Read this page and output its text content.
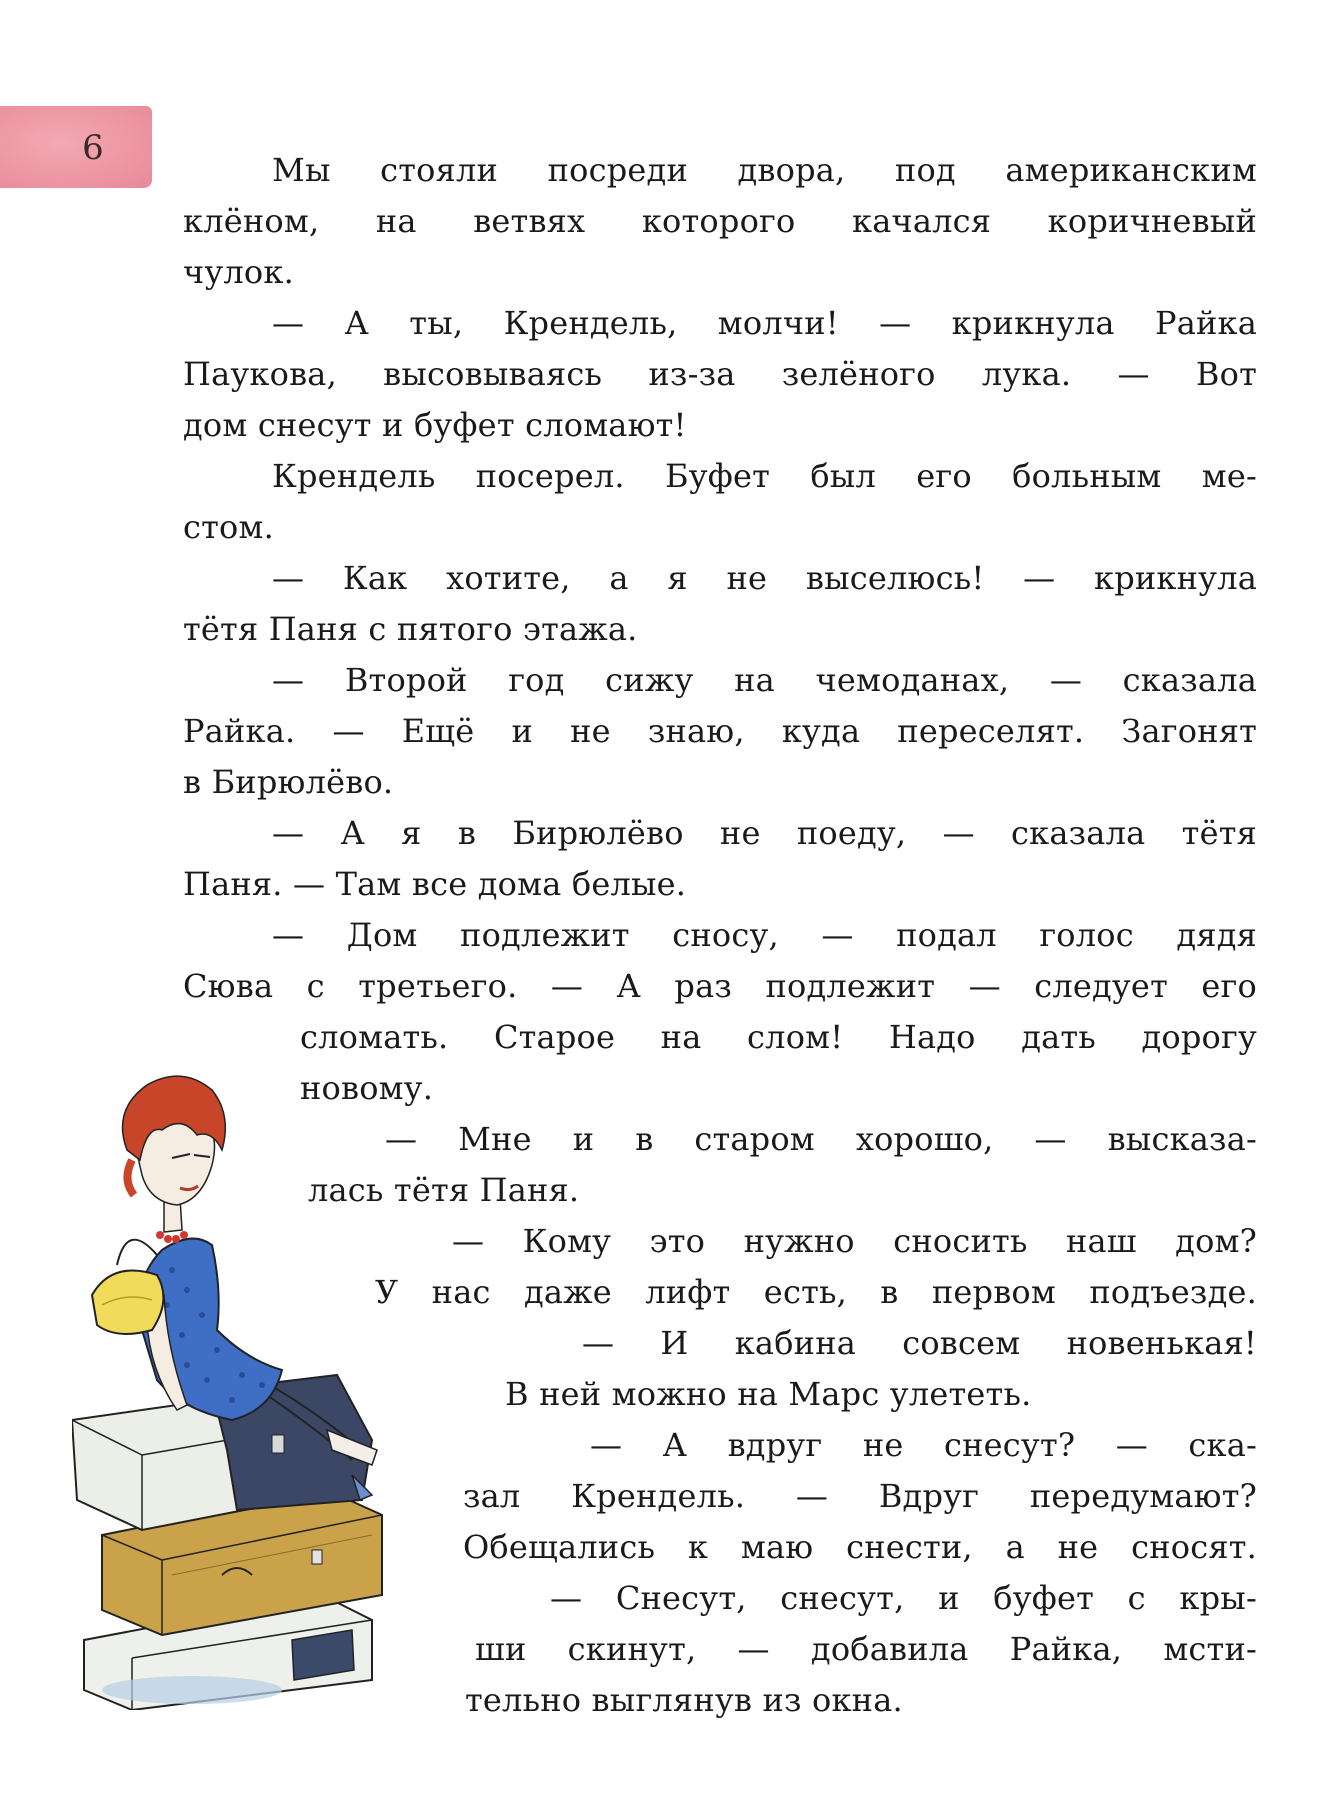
6
Мы стояли посреди двора, под американским
клёном, на ветвях которого качался коричневый
чулок.
— А ты, Крендель, молчи! — крикнула Райка
Паукова, высовываясь из-за зелёного лука. — Вот
дом снесут и буфет сломают!
Крендель посерел. Буфет был его больным ме-
стом.
— Как хотите, а я не выселюсь! — крикнула
тётя Паня с пятого этажа.
— Второй год сижу на чемоданах, — сказала
Райка. — Ещё и не знаю, куда переселят. Загонят
в Бирюлёво.
— А я в Бирюлёво не поеду, — сказала тётя
Паня. — Там все дома белые.
— Дом подлежит сносу, — подал голос дядя
Сюва с третьего. — А раз подлежит — следует его
сломать. Старое на слом! Надо дать дорогу
новому.
— Мне и в старом хорошо, — высказа-
лась тётя Паня.
— Кому это нужно сносить наш дом?
У нас даже лифт есть, в первом подъезде.
— И кабина совсем новенькая!
В ней можно на Марс улететь.
— А вдруг не снесут? — ска-
зал Крендель. — Вдруг передумают?
Обещались к маю снести, а не сносят.
— Снесут, снесут, и буфет с кры-
ши скинут, — добавила Райка, мсти-
тельно выглянув из окна.
